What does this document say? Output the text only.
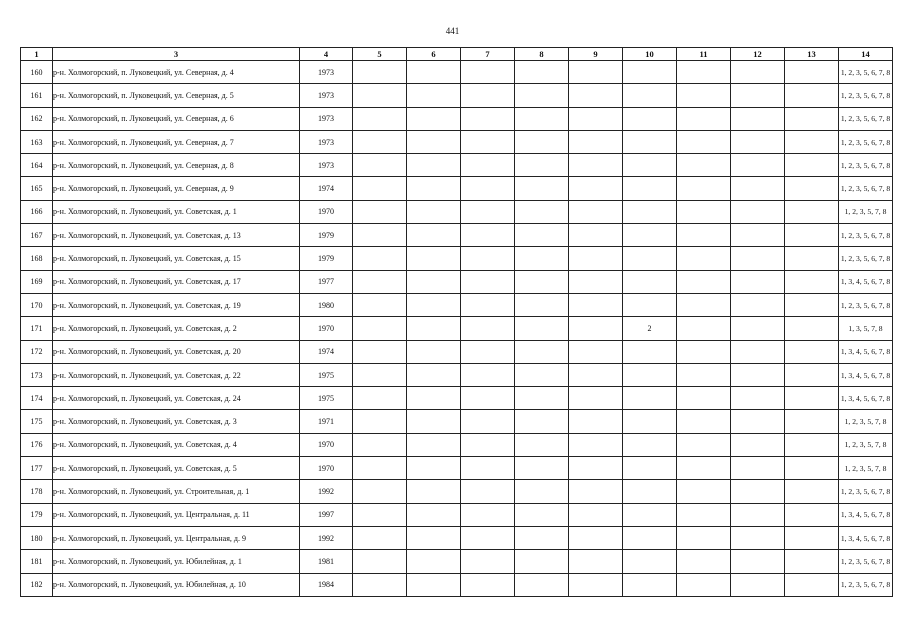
441
1	3	4	5	6	7	8	9	10	11	12	13	14
160	р-н. Холмогорский, п. Луковецкий, ул. Северная, д. 4	1973										1, 2, 3, 5, 6, 7, 8
161	р-н. Холмогорский, п. Луковецкий, ул. Северная, д. 5	1973										1, 2, 3, 5, 6, 7, 8
162	р-н. Холмогорский, п. Луковецкий, ул. Северная, д. 6	1973										1, 2, 3, 5, 6, 7, 8
163	р-н. Холмогорский, п. Луковецкий, ул. Северная, д. 7	1973										1, 2, 3, 5, 6, 7, 8
164	р-н. Холмогорский, п. Луковецкий, ул. Северная, д. 8	1973										1, 2, 3, 5, 6, 7, 8
165	р-н. Холмогорский, п. Луковецкий, ул. Северная, д. 9	1974										1, 2, 3, 5, 6, 7, 8
166	р-н. Холмогорский, п. Луковецкий, ул. Советская, д. 1	1970										1, 2, 3, 5, 7, 8
167	р-н. Холмогорский, п. Луковецкий, ул. Советская, д. 13	1979										1, 2, 3, 5, 6, 7, 8
168	р-н. Холмогорский, п. Луковецкий, ул. Советская, д. 15	1979										1, 2, 3, 5, 6, 7, 8
169	р-н. Холмогорский, п. Луковецкий, ул. Советская, д. 17	1977										1, 3, 4, 5, 6, 7, 8
170	р-н. Холмогорский, п. Луковецкий, ул. Советская, д. 19	1980										1, 2, 3, 5, 6, 7, 8
171	р-н. Холмогорский, п. Луковецкий, ул. Советская, д. 2	1970						2				1, 3, 5, 7, 8
172	р-н. Холмогорский, п. Луковецкий, ул. Советская, д. 20	1974										1, 3, 4, 5, 6, 7, 8
173	р-н. Холмогорский, п. Луковецкий, ул. Советская, д. 22	1975										1, 3, 4, 5, 6, 7, 8
174	р-н. Холмогорский, п. Луковецкий, ул. Советская, д. 24	1975										1, 3, 4, 5, 6, 7, 8
175	р-н. Холмогорский, п. Луковецкий, ул. Советская, д. 3	1971										1, 2, 3, 5, 7, 8
176	р-н. Холмогорский, п. Луковецкий, ул. Советская, д. 4	1970										1, 2, 3, 5, 7, 8
177	р-н. Холмогорский, п. Луковецкий, ул. Советская, д. 5	1970										1, 2, 3, 5, 7, 8
178	р-н. Холмогорский, п. Луковецкий, ул. Строительная, д. 1	1992										1, 2, 3, 5, 6, 7, 8
179	р-н. Холмогорский, п. Луковецкий, ул. Центральная, д. 11	1997										1, 3, 4, 5, 6, 7, 8
180	р-н. Холмогорский, п. Луковецкий, ул. Центральная, д. 9	1992										1, 3, 4, 5, 6, 7, 8
181	р-н. Холмогорский, п. Луковецкий, ул. Юбилейная, д. 1	1981										1, 2, 3, 5, 6, 7, 8
182	р-н. Холмогорский, п. Луковецкий, ул. Юбилейная, д. 10	1984										1, 2, 3, 5, 6, 7, 8
